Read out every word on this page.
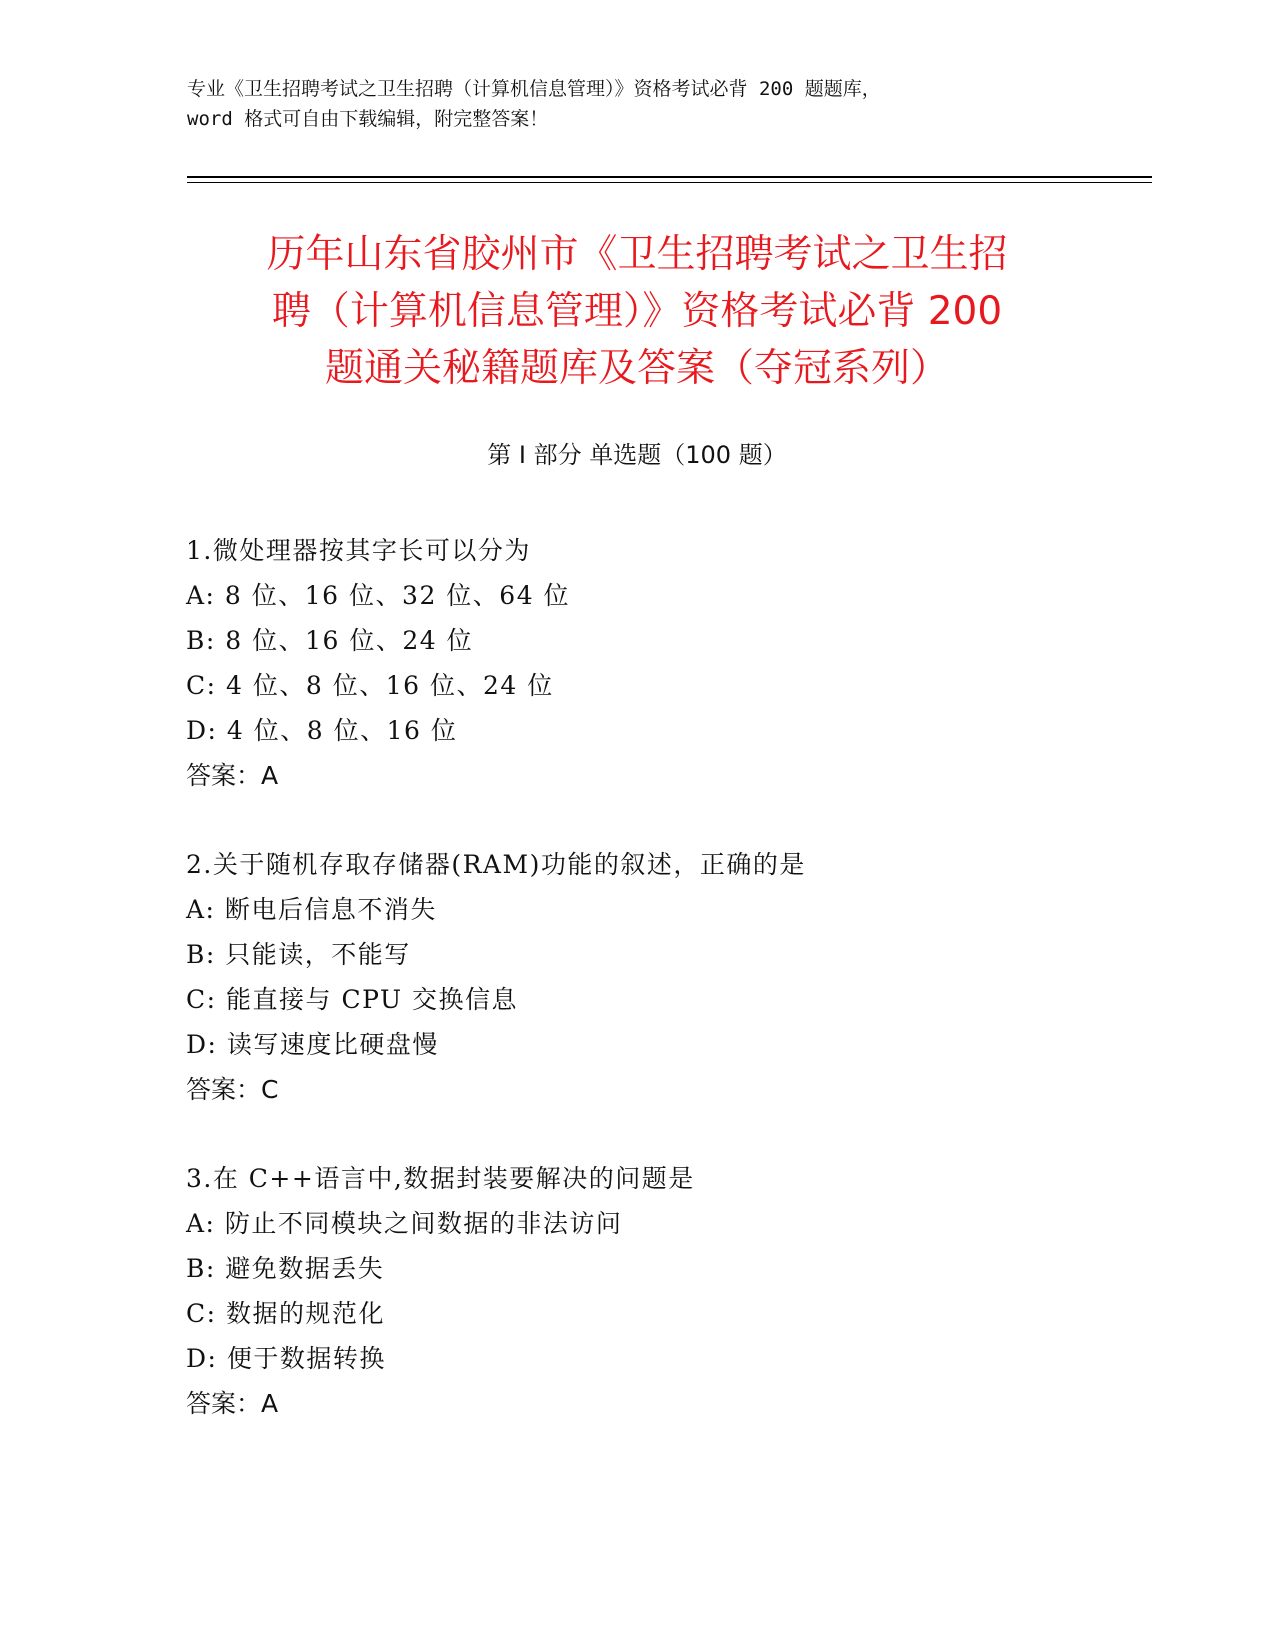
专业《卫生招聘考试之卫生招聘（计算机信息管理）》资格考试必背 200 题题库，
word 格式可自由下载编辑，附完整答案！
历年山东省胶州市《卫生招聘考试之卫生招
聘（计算机信息管理）》资格考试必背 200
题通关秘籍题库及答案（夺冠系列）
第 I 部分 单选题（100 题）
1.微处理器按其字长可以分为
A: 8 位、16 位、32 位、64 位
B: 8 位、16 位、24 位
C: 4 位、8 位、16 位、24 位
D: 4 位、8 位、16 位
答案：A
2.关于随机存取存储器(RAM)功能的叙述，正确的是
A: 断电后信息不消失
B: 只能读，不能写
C: 能直接与 CPU 交换信息
D: 读写速度比硬盘慢
答案：C
3.在 C++语言中,数据封装要解决的问题是
A: 防止不同模块之间数据的非法访问
B: 避免数据丢失
C: 数据的规范化
D: 便于数据转换
答案：A
